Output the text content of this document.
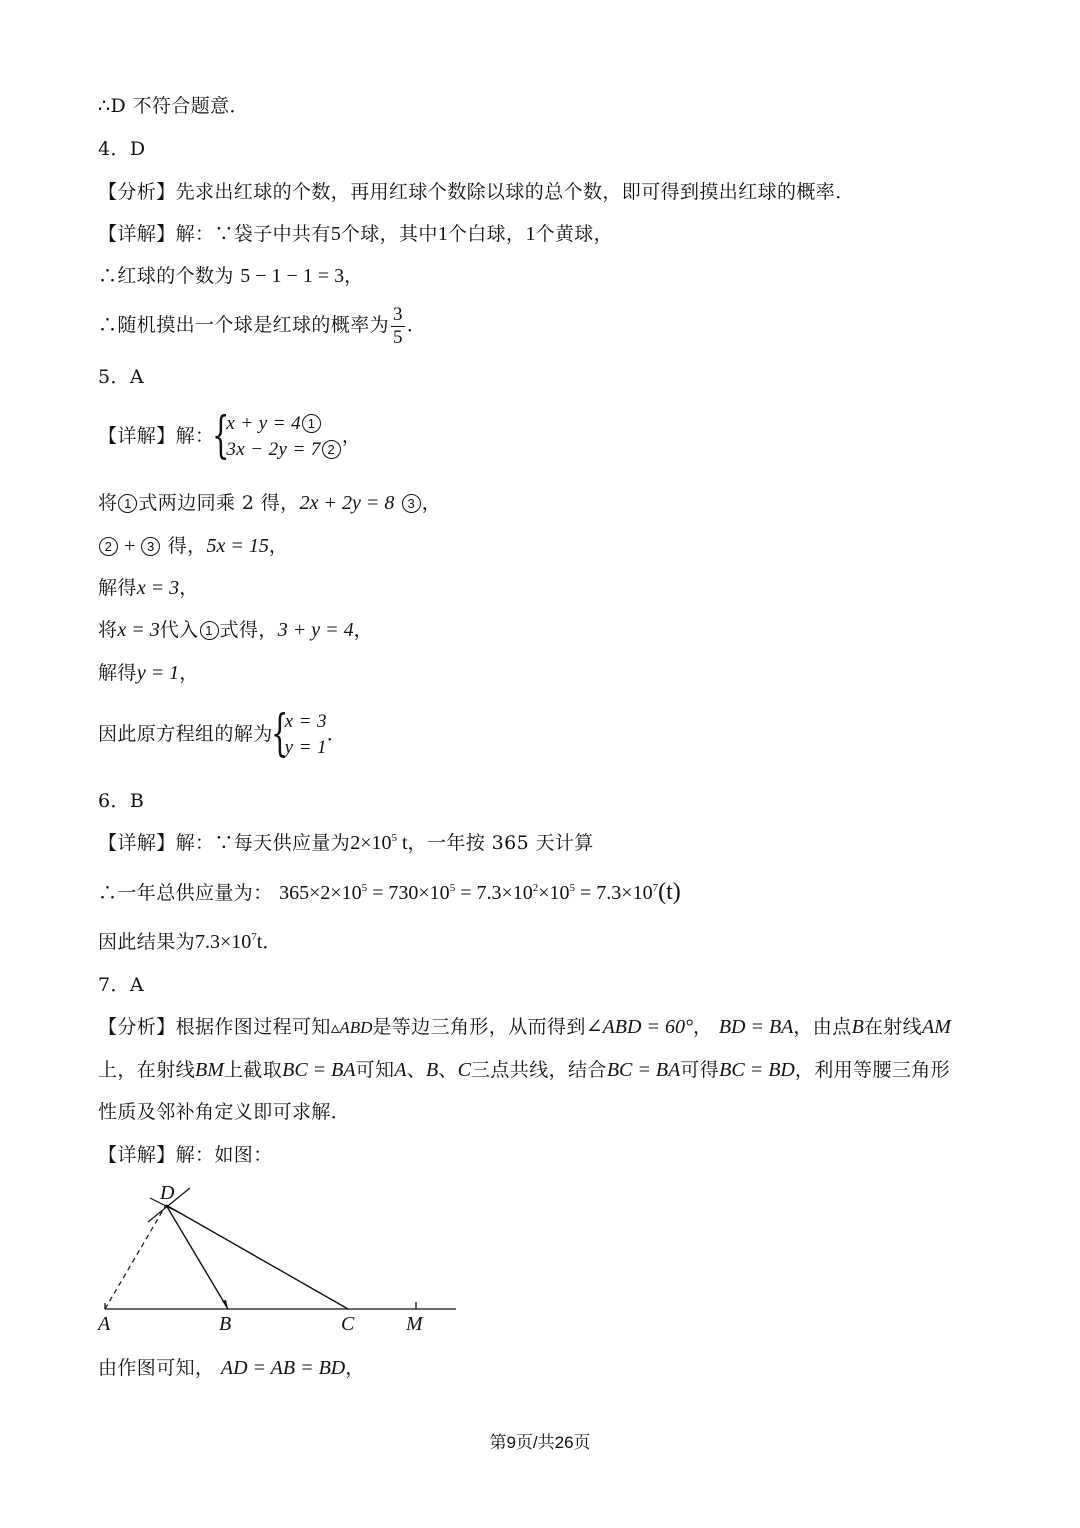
∴D 不符合题意．
4．D
【分析】先求出红球的个数，再用红球个数除以球的总个数，即可得到摸出红球的概率．
【详解】解：∵袋子中共有5个球，其中1个白球，1个黄球，
∴红球的个数为 5 − 1 − 1 = 3，
∴随机摸出一个球是红球的概率为 $\frac{3}{5}$ ．
5．A
【详解】解：
{
x + y = 4 1
3x − 2y = 7 2
，
将 1 式两边同乘 2 得，2x + 2y = 8 3 ，
2 + 3 得，5x = 15，
解得x = 3，
将x = 3代入 1 式得，3 + y = 4，
解得y = 1，
因此原方程组的解为
{
x = 3
y = 1
．
6．B
【详解】解：∵每天供应量为$2\times 10^5$ t，一年按 365 天计算
∴一年总供应量为： $365\times 2\times 10^5 = 730\times 10^5 = 7.3\times 10^2\times 10^5 = 7.3\times 10^7(t)$
因此结果为$7.3\times 10^7t$．
7．A
【分析】根据作图过程可知▵ABD是等边三角形，从而得到∠ABD = 60°， BD = BA，由点B在射线AM
上，在射线BM上截取BC = BA可知A、B、C三点共线，结合BC = BA可得BC = BD，利用等腰三角形
性质及邻补角定义即可求解．
【详解】解：如图：
D
A	B	C	M
由作图可知， AD = AB = BD，
第9页/共26页
